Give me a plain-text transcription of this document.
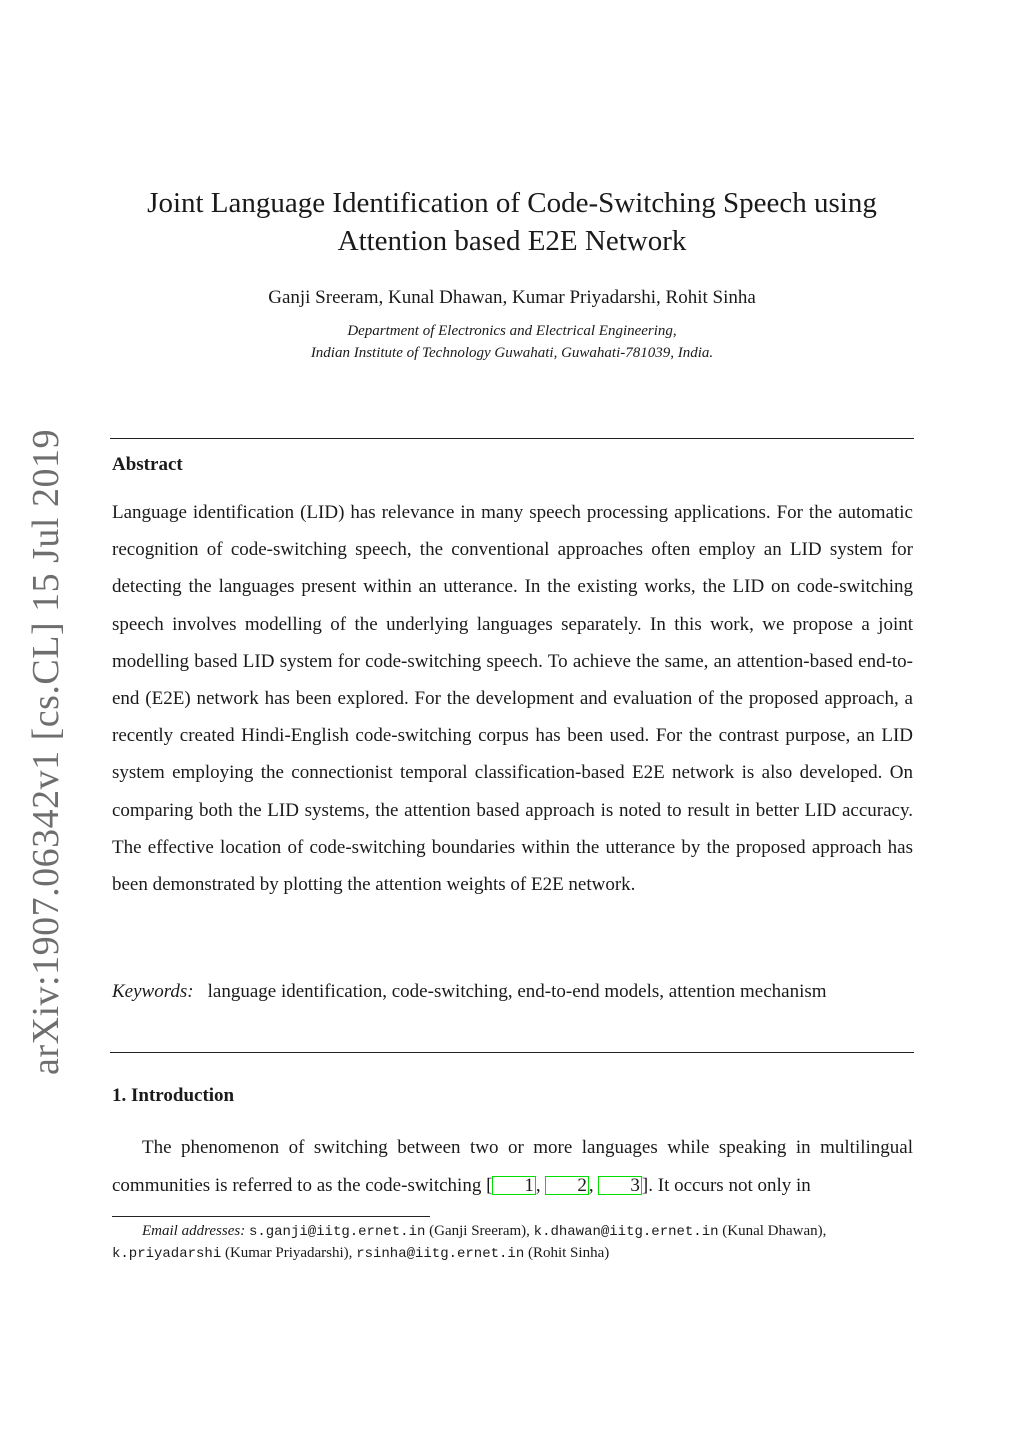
arXiv:1907.06342v1 [cs.CL] 15 Jul 2019
Joint Language Identification of Code-Switching Speech using
Attention based E2E Network
Ganji Sreeram, Kunal Dhawan, Kumar Priyadarshi, Rohit Sinha
Department of Electronics and Electrical Engineering,
Indian Institute of Technology Guwahati, Guwahati-781039, India.
Abstract

Language identification (LID) has relevance in many speech processing applications. For the automatic recognition of code-switching speech, the conventional approaches often employ an LID system for detecting the languages present within an utterance. In the existing works, the LID on code-switching speech involves modelling of the underlying languages separately. In this work, we propose a joint modelling based LID system for code-switching speech. To achieve the same, an attention-based end-to-end (E2E) network has been explored. For the development and evaluation of the proposed approach, a recently created Hindi-English code-switching corpus has been used. For the contrast purpose, an LID system employing the connectionist temporal classification-based E2E network is also developed. On comparing both the LID systems, the attention based approach is noted to result in better LID accuracy. The effective location of code-switching boundaries within the utterance by the proposed approach has been demonstrated by plotting the attention weights of E2E network.

Keywords: language identification, code-switching, end-to-end models, attention mechanism

1. Introduction

The phenomenon of switching between two or more languages while speaking in multilingual communities is referred to as the code-switching [ 1 , 2 , 3 ]. It occurs not only in

Email addresses: s.ganji@iitg.ernet.in (Ganji Sreeram), k.dhawan@iitg.ernet.in (Kunal Dhawan), k.priyadarshi (Kumar Priyadarshi), rsinha@iitg.ernet.in (Rohit Sinha)
